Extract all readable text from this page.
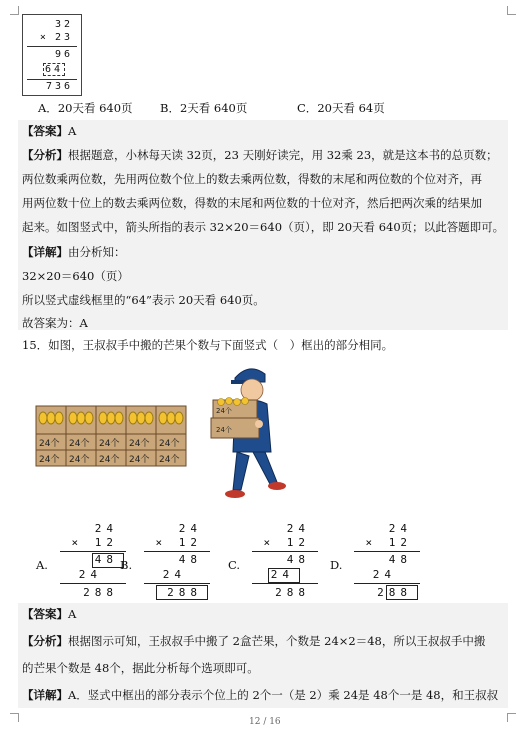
32
× 23
96
64
736
A．20天看 640页 B．2天看 640页	C．20天看 64页
【答案】A
【分析】根据题意，小林每天读 32页，23 天刚好读完，用 32乘 23，就是这本书的总页数；
两位数乘两位数，先用两位数个位上的数去乘两位数，得数的末尾和两位数的个位对齐，再
用两位数十位上的数去乘两位数，得数的末尾和两位数的十位对齐，然后把两次乘的结果加
起来。如图竖式中，箭头所指的表示 32×20＝640（页），即 20天看 640页；以此答题即可。
【详解】由分析知：
32×20＝640（页）
所以竖式虚线框里的“64”表示 20天看 640页。
故答案为：A
15．如图，王叔叔手中搬的芒果个数与下面竖式（　）框出的部分相同。
24个
24个
24个
24个
24个
24个
24个
24个
24个
24个
24个
24个
A.
24
× 12
48
24
288
B.
24
× 12
48
24
288
C.
24
× 12
48
24
288
D.
24
× 12
48
24
288
【答案】A
【分析】根据图示可知，王叔叔手中搬了 2盒芒果，个数是 24×2＝48，所以王叔叔手中搬
的芒果个数是 48个，据此分析每个选项即可。
【详解】A．竖式中框出的部分表示个位上的 2个一（是 2）乘 24是 48个一是 48，和王叔叔
12 / 16
